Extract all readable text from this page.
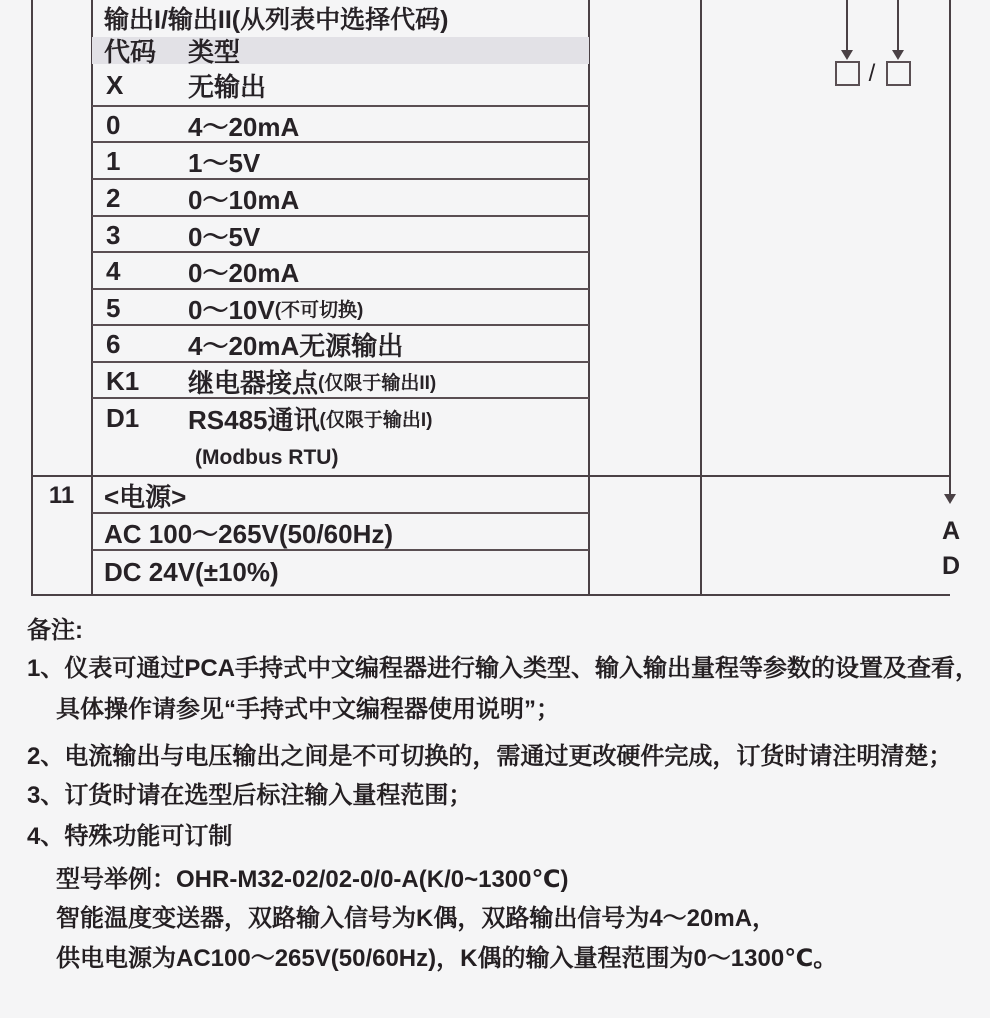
输出I/输出II(从列表中选择代码)
代码	类型
X	无输出
0	4～20mA
1	1～5V
2	0～10mA
3	0～5V
4	0～20mA
5	0～10V (不可切换)
6	4～20mA无源输出
K1	继电器接点 (仅限于输出II)
D1	RS485通讯 (仅限于输出I)
(Modbus RTU)
/
11	<电源>
AC 100～265V(50/60Hz)
DC 24V(±10%)
A
D
备注:
1、仪表可通过PCA手持式中文编程器进行输入类型、输入输出量程等参数的设置及查看，
具体操作请参见“手持式中文编程器使用说明”；
2、电流输出与电压输出之间是不可切换的，需通过更改硬件完成，订货时请注明清楚；
3、订货时请在选型后标注输入量程范围；
4、特殊功能可订制
型号举例：OHR-M32-02/02-0/0-A(K/0~1300℃)
智能温度变送器，双路输入信号为K偶，双路输出信号为4～20mA，
供电电源为AC100～265V(50/60Hz)，K偶的输入量程范围为0～1300℃。
